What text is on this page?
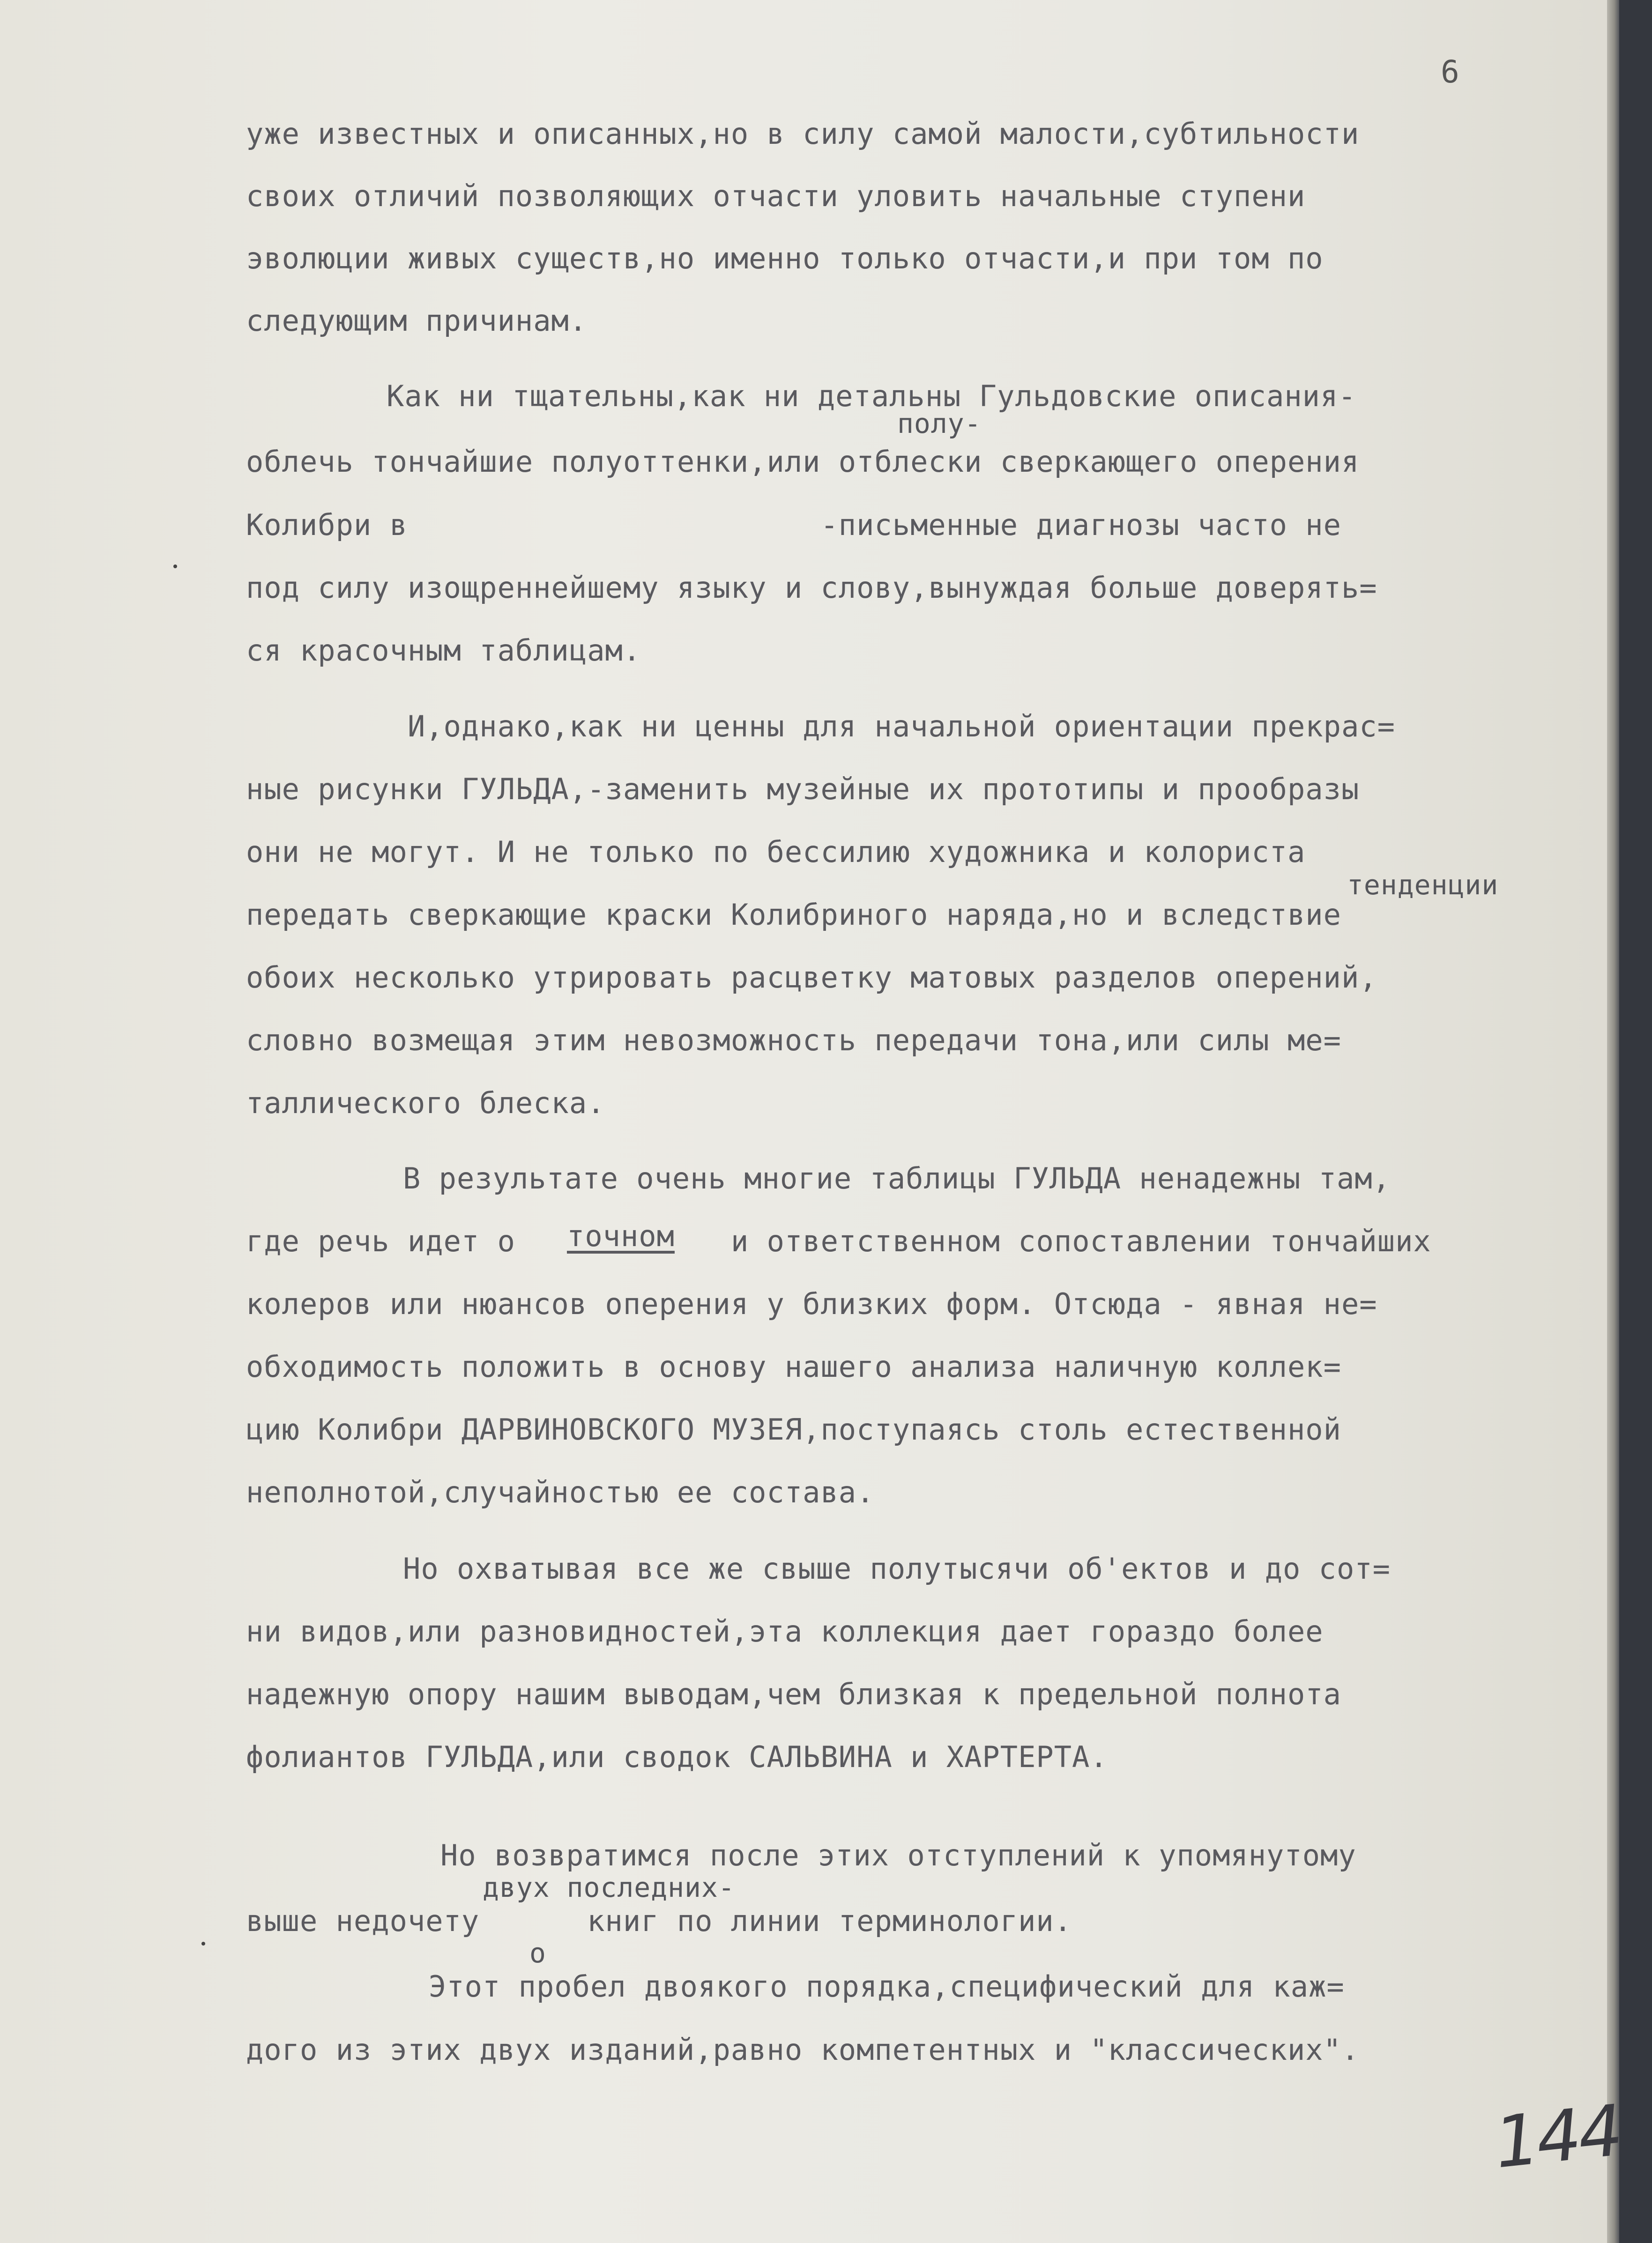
6
уже известных и описанных,но в силу самой малости,субтильности
своих отличий позволяющих отчасти уловить начальные ступени
эволюции живых существ,но именно только отчасти,и при том по
следующим причинам.
Как ни тщательны,как ни детальны Гульдовские описания-
полу-
облечь тончайшие полуоттенки,или отблески сверкающего оперения
Колибри в                       -письменные диагнозы часто не
под силу изощреннейшему языку и слову,вынуждая больше доверять=
ся красочным таблицам.
И,однако,как ни ценны для начальной ориентации прекрас=
ные рисунки ГУЛЬДА,-заменить музейные их прототипы и прообразы
они не могут. И не только по бессилию художника и колориста
тенденции
передать сверкающие краски Колибриного наряда,но и вследствие
обоих несколько утрировать расцветку матовых разделов оперений,
словно возмещая этим невозможность передачи тона,или силы ме=
таллического блеска.
В результате очень многие таблицы ГУЛЬДА ненадежны там,
где речь идет о точном и ответственном сопоставлении тончайших
колеров или нюансов оперения у близких форм. Отсюда - явная не=
обходимость положить в основу нашего анализа наличную коллек=
цию Колибри ДАРВИНОВСКОГО МУЗЕЯ,поступаясь столь естественной
неполнотой,случайностью ее состава.
Но охватывая все же свыше полутысячи об'ектов и до сот=
ни видов,или разновидностей,эта коллекция дает гораздо более
надежную опору нашим выводам,чем близкая к предельной полнота
фолиантов ГУЛЬДА,или сводок САЛЬВИНА и ХАРТЕРТА.
Но возвратимся после этих отступлений к упомянутому
двух последних-
выше недочету      книг по линии терминологии.
о
Этот пробел двоякого порядка,специфический для каж=
дого из этих двух изданий,равно компетентных и "классических".
144
